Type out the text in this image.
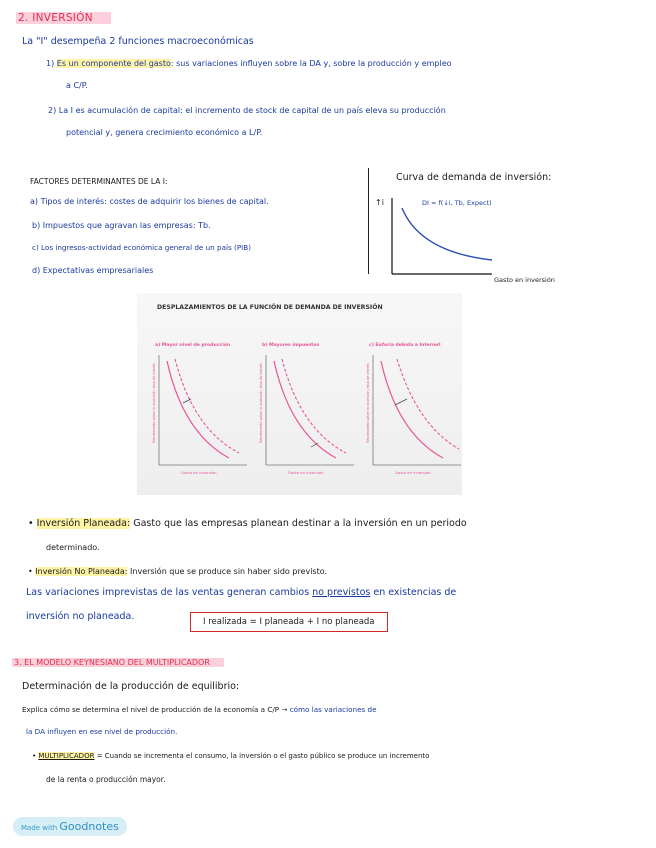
2. INVERSIÓN
La "I" desempeña 2 funciones macroeconómicas
1) Es un componente del gasto: sus variaciones influyen sobre la DA y, sobre la producción y empleo
a C/P.
2) La I es acumulación de capital: el incremento de stock de capital de un país eleva su producción
potencial y, genera crecimiento económico a L/P.
FACTORES DETERMINANTES DE LA I:
a) Tipos de interés: costes de adquirir los bienes de capital.
b) Impuestos que agravan las empresas: Tb.
c) Los ingresos-actividad económica general de un país (PIB)
d) Expectativas empresariales
Curva de demanda de inversión:
↑i	DI = f(↓i, Tb, Expect)
Gasto en inversión
DESPLAZAMIENTOS DE LA FUNCIÓN DE DEMANDA DE INVERSIÓN
a) Mayor nivel de producción
Rendimiento sobre la inversión, tasa de interés
Gasto en inversión
b) Mayores impuestos
Rendimiento sobre la inversión, tasa de interés
Gasto en inversión
c) Euforia debida a Internet
Rendimiento sobre la inversión, tasa de interés
Gasto en inversión
• Inversión Planeada: Gasto que las empresas planean destinar a la inversión en un periodo
determinado.
• Inversión No Planeada: Inversión que se produce sin haber sido previsto.
Las variaciones imprevistas de las ventas generan cambios no previstos en existencias de
inversión no planeada.	I realizada = I planeada + I no planeada
3. EL MODELO KEYNESIANO DEL MULTIPLICADOR
Determinación de la producción de equilibrio:
Explica cómo se determina el nivel de producción de la economía a C/P → cómo las variaciones de
la DA influyen en ese nivel de producción.
• MULTIPLICADOR = Cuando se incrementa el consumo, la inversión o el gasto público se produce un incremento
de la renta o producción mayor.
Made with Goodnotes
